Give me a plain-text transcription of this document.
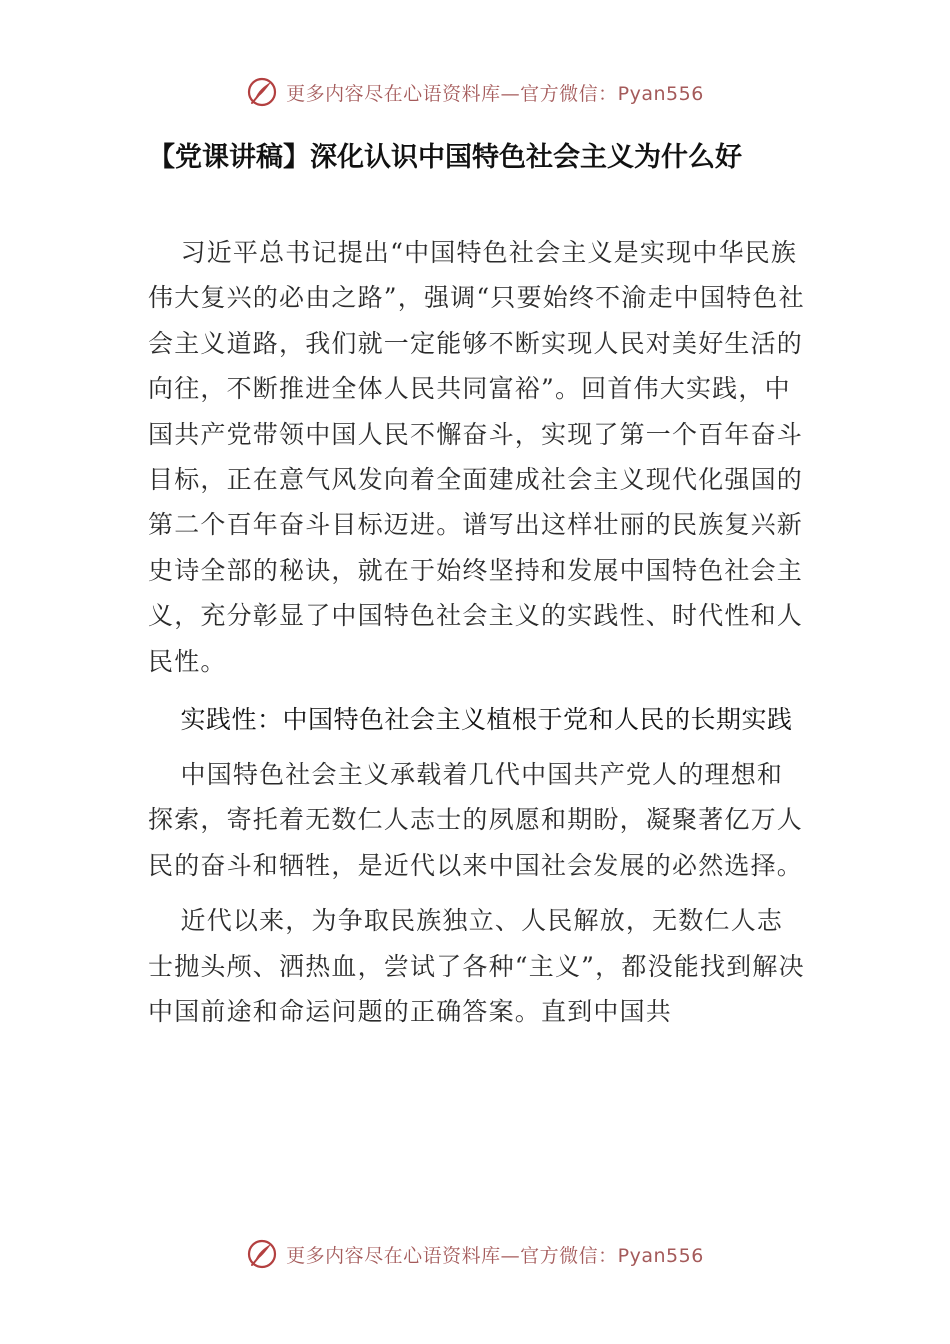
更多内容尽在心语资料库—官方微信：Pyan556
【党课讲稿】深化认识中国特色社会主义为什么好

习近平总书记提出“中国特色社会主义是实现中华民族伟大复兴的必由之路”，强调“只要始终不渝走中国特色社会主义道路，我们就一定能够不断实现人民对美好生活的向往，不断推进全体人民共同富裕”。回首伟大实践，中国共产党带领中国人民不懈奋斗，实现了第一个百年奋斗目标，正在意气风发向着全面建成社会主义现代化强国的第二个百年奋斗目标迈进。谱写出这样壮丽的民族复兴新史诗全部的秘诀，就在于始终坚持和发展中国特色社会主义，充分彰显了中国特色社会主义的实践性、时代性和人民性。

实践性：中国特色社会主义植根于党和人民的长期实践

中国特色社会主义承载着几代中国共产党人的理想和探索，寄托着无数仁人志士的夙愿和期盼，凝聚著亿万人民的奋斗和牺牲，是近代以来中国社会发展的必然选择。

近代以来，为争取民族独立、人民解放，无数仁人志士抛头颅、洒热血，尝试了各种“主义”，都没能找到解决中国前途和命运问题的正确答案。直到中国共

更多内容尽在心语资料库—官方微信：Pyan556
